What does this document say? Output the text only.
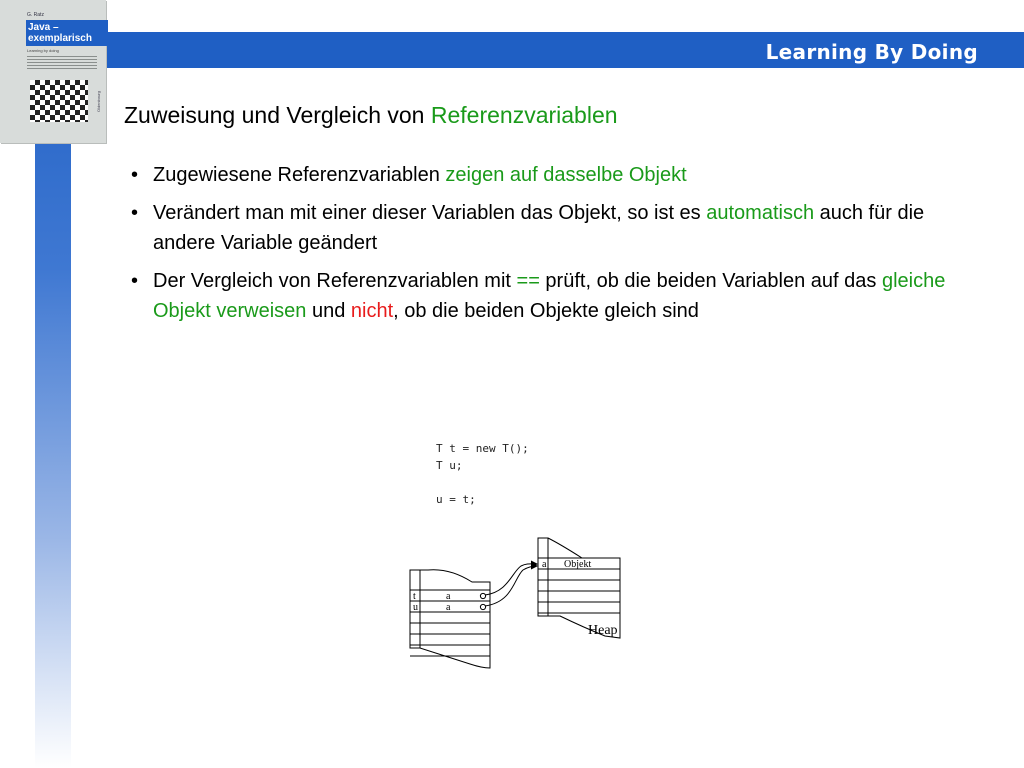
Learning By Doing
G. Ratz
Java –
exemplarisch
Learning by doing
Oldenbourg
Zuweisung und Vergleich von Referenzvariablen
• Zugewiesene Referenzvariablen zeigen auf dasselbe Objekt
• Verändert man mit einer dieser Variablen das Objekt, so ist es automatisch auch für die andere Variable geändert
• Der Vergleich von Referenzvariablen mit == prüft, ob die beiden Variablen auf das gleiche Objekt verweisen und nicht, ob die beiden Objekte gleich sind
T t = new T();
T u;

u = t;
t
u
a
a
a Objekt
Heap
